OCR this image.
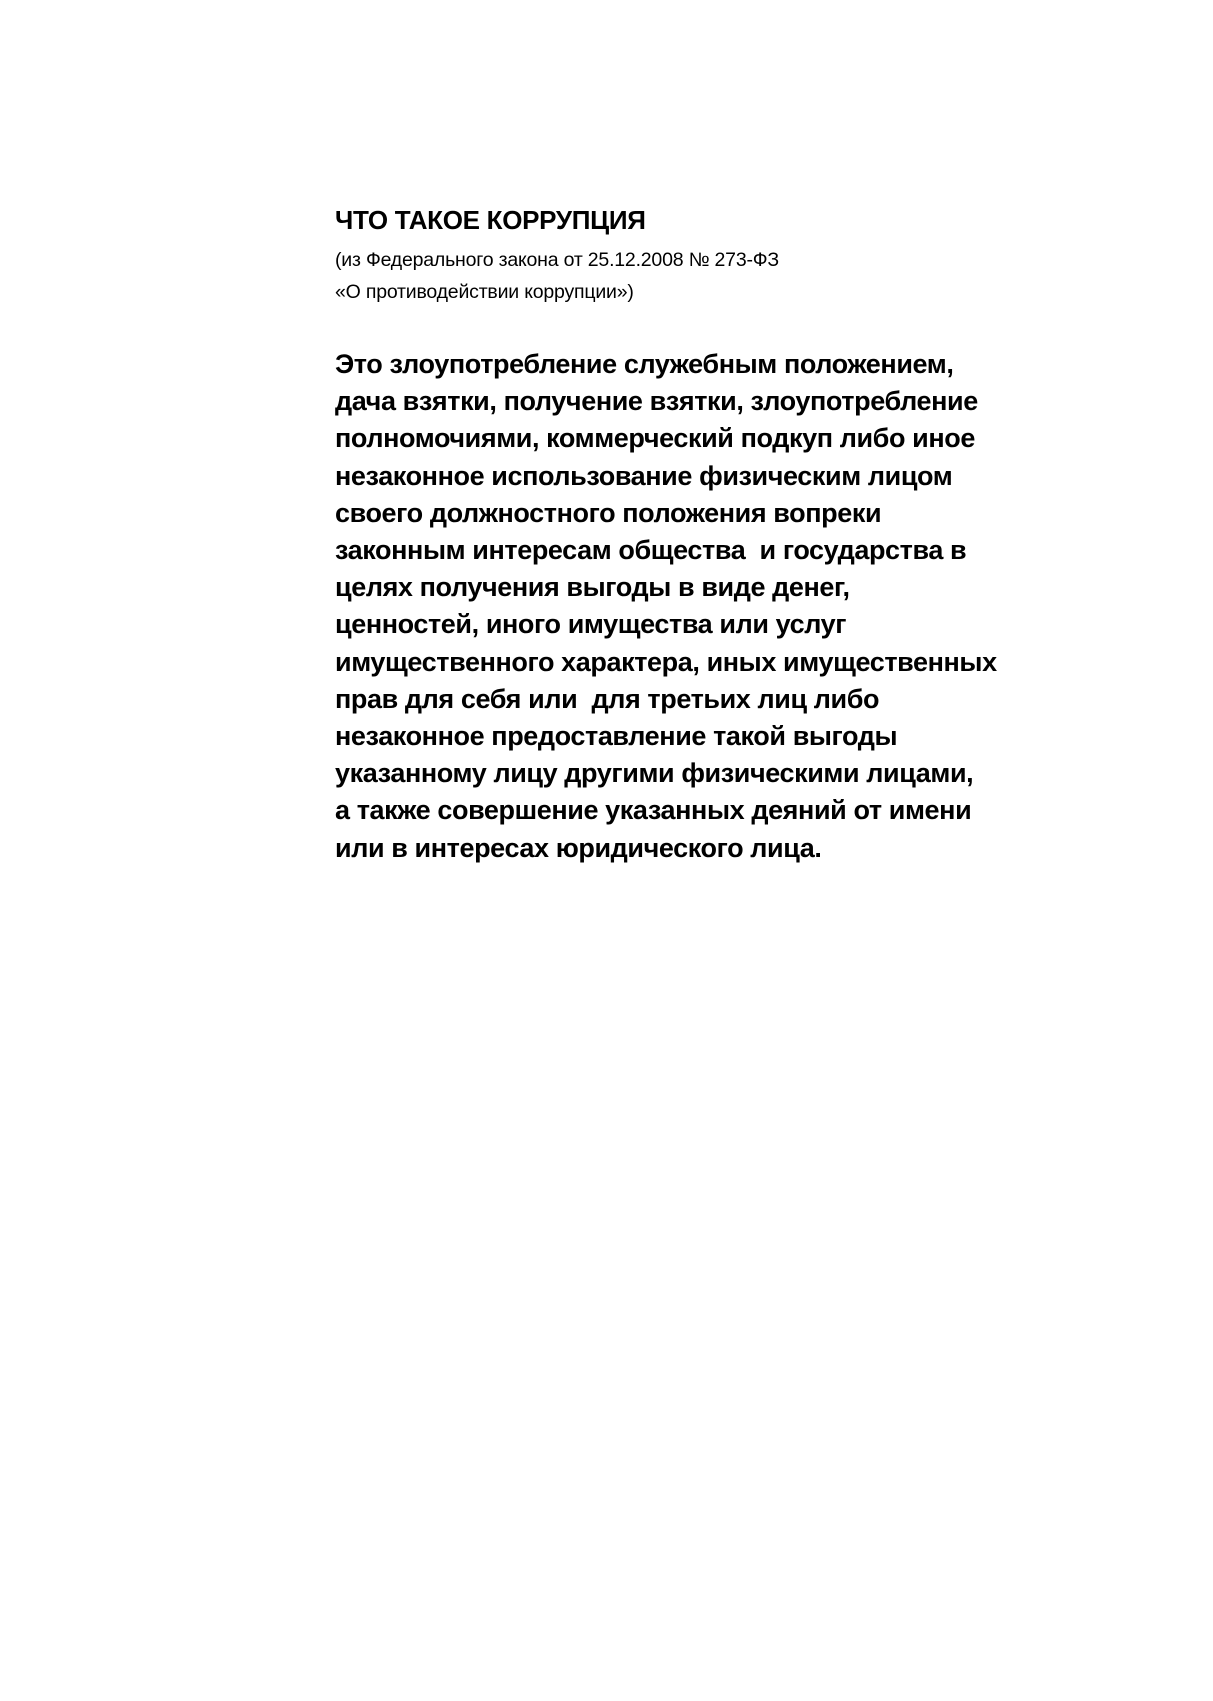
ЧТО ТАКОЕ КОРРУПЦИЯ
(из Федерального закона от 25.12.2008 № 273-ФЗ
«О противодействии коррупции»)
Это злоупотребление служебным положением,
дача взятки, получение взятки, злоупотребление
полномочиями, коммерческий подкуп либо иное
незаконное использование физическим лицом
своего должностного положения вопреки
законным интересам общества  и государства в
целях получения выгоды в виде денег,
ценностей, иного имущества или услуг
имущественного характера, иных имущественных
прав для себя или  для третьих лиц либо
незаконное предоставление такой выгоды
указанному лицу другими физическими лицами,
а также совершение указанных деяний от имени
или в интересах юридического лица.
